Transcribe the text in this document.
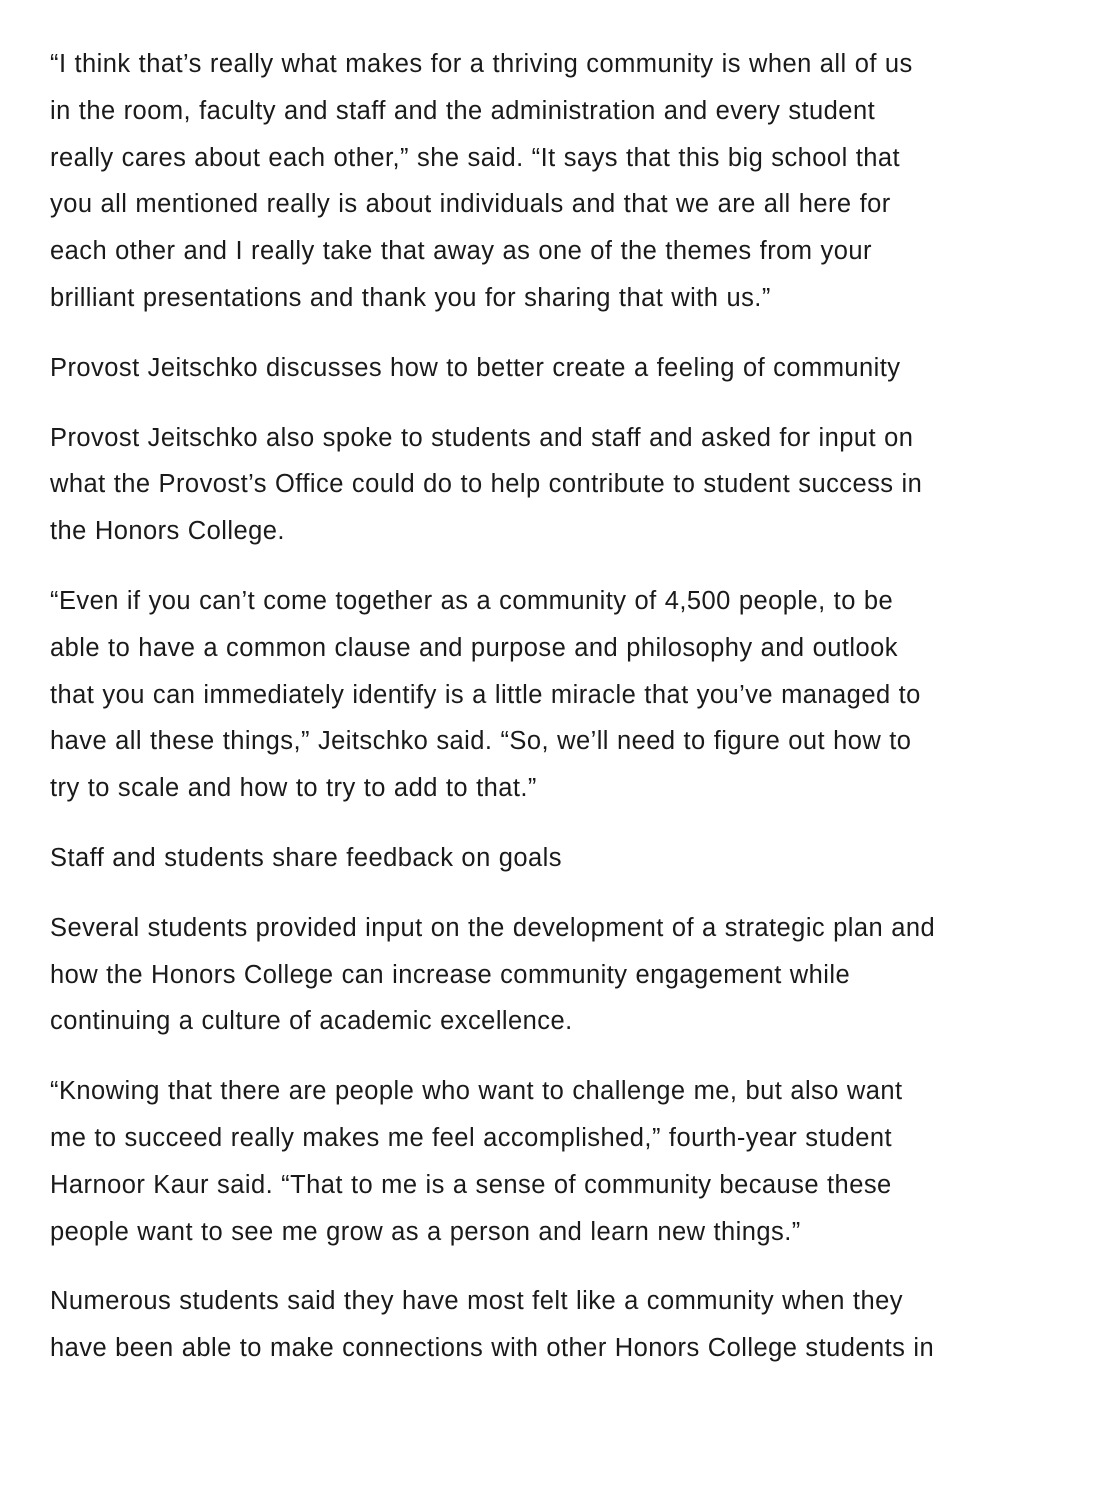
“I think that’s really what makes for a thriving community is when all of us
in the room, faculty and staff and the administration and every student
really cares about each other,” she said. “It says that this big school that
you all mentioned really is about individuals and that we are all here for
each other and I really take that away as one of the themes from your
brilliant presentations and thank you for sharing that with us.”

Provost Jeitschko discusses how to better create a feeling of community

Provost Jeitschko also spoke to students and staff and asked for input on
what the Provost’s Office could do to help contribute to student success in
the Honors College.

“Even if you can’t come together as a community of 4,500 people, to be
able to have a common clause and purpose and philosophy and outlook
that you can immediately identify is a little miracle that you’ve managed to
have all these things,” Jeitschko said. “So, we’ll need to figure out how to
try to scale and how to try to add to that.”

Staff and students share feedback on goals

Several students provided input on the development of a strategic plan and
how the Honors College can increase community engagement while
continuing a culture of academic excellence.

“Knowing that there are people who want to challenge me, but also want
me to succeed really makes me feel accomplished,” fourth-year student
Harnoor Kaur said. “That to me is a sense of community because these
people want to see me grow as a person and learn new things.”

Numerous students said they have most felt like a community when they
have been able to make connections with other Honors College students in
